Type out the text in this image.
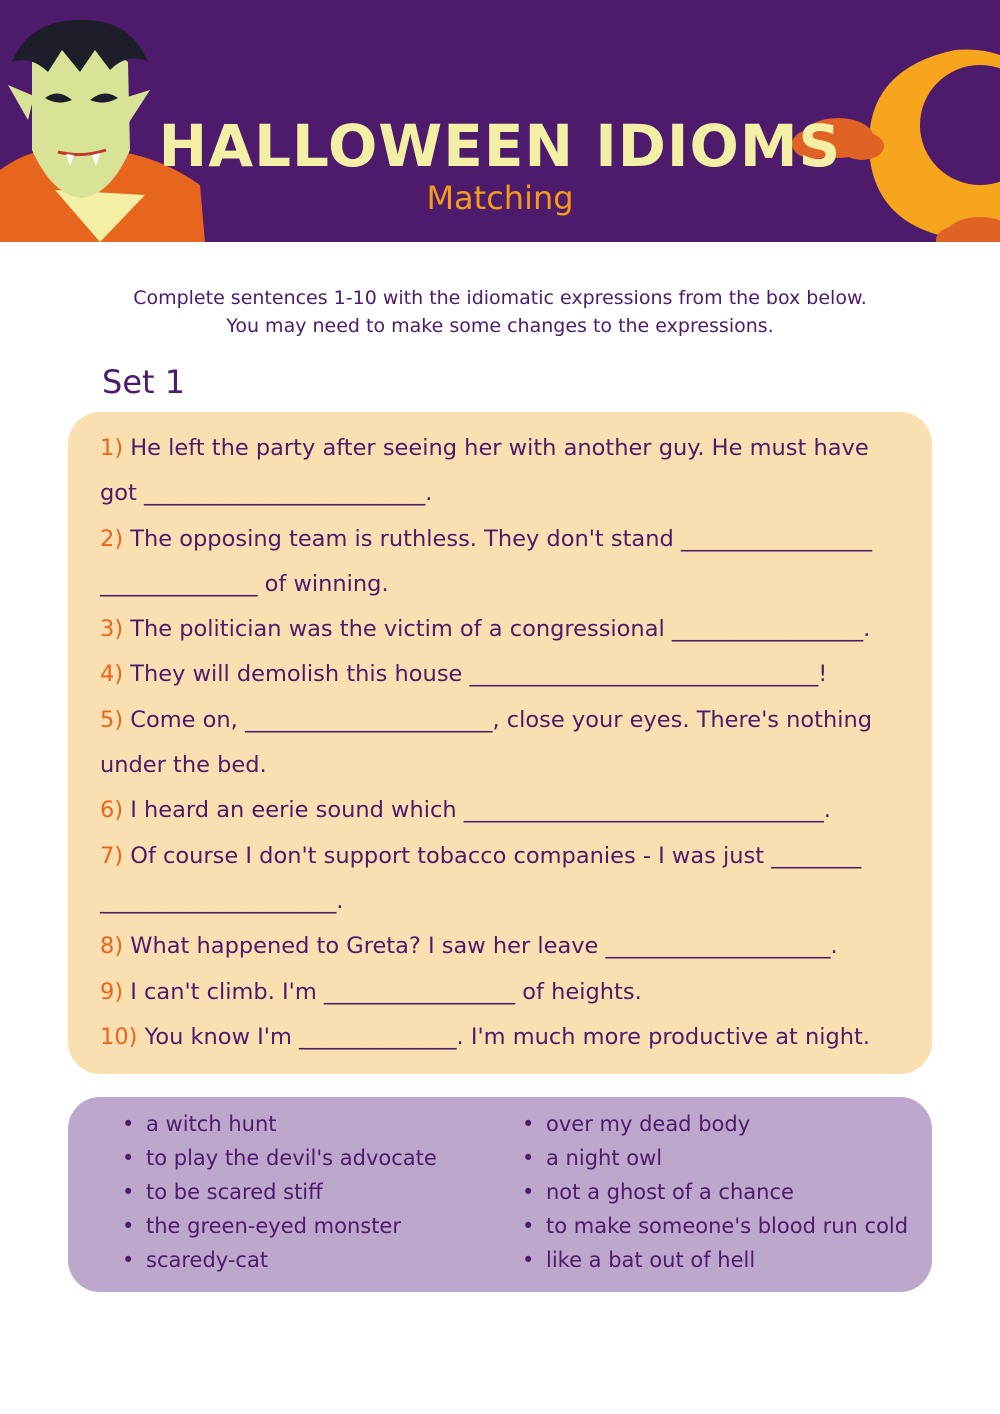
HALLOWEEN IDIOMS
Matching
Complete sentences 1-10 with the idiomatic expressions from the box below.
You may need to make some changes to the expressions.
Set 1
1) He left the party after seeing her with another guy. He must have
got _________________________.
2) The opposing team is ruthless. They don't stand _________________
______________ of winning.
3) The politician was the victim of a congressional _________________.
4) They will demolish this house _______________________________!
5) Come on, ______________________, close your eyes. There's nothing
under the bed.
6) I heard an eerie sound which ________________________________.
7) Of course I don't support tobacco companies - I was just ________
_____________________.
8) What happened to Greta? I saw her leave ____________________.
9) I can't climb. I'm _________________ of heights.
10) You know I'm ______________. I'm much more productive at night.
• a witch hunt
• to play the devil's advocate
• to be scared stiff
• the green-eyed monster
• scaredy-cat
• over my dead body
• a night owl
• not a ghost of a chance
• to make someone's blood run cold
• like a bat out of hell
